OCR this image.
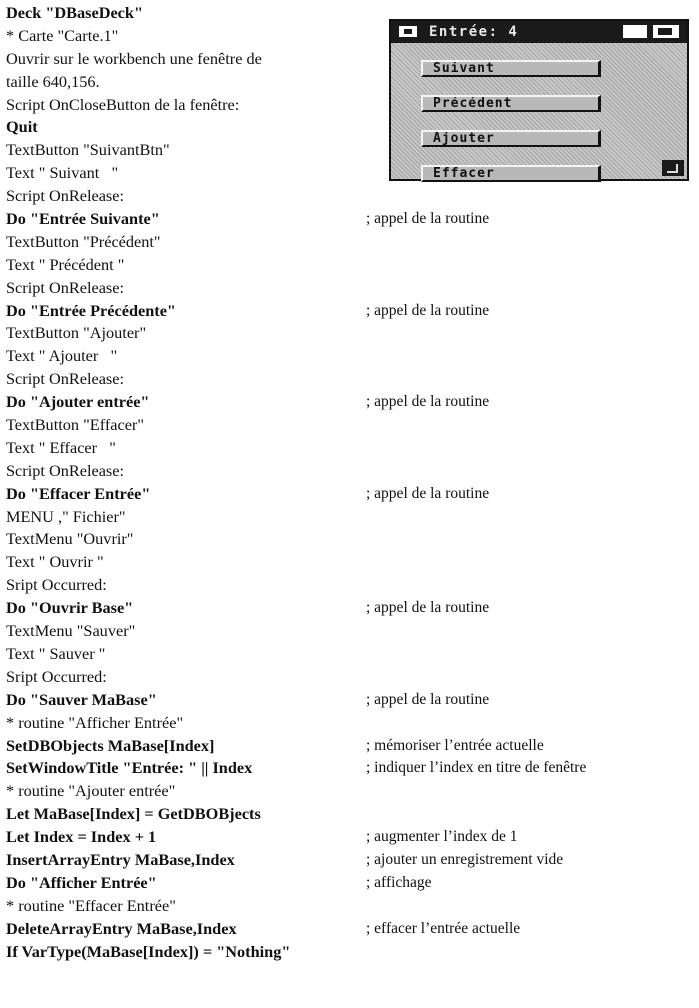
Deck "DBaseDeck"
* Carte "Carte.1"
Ouvrir sur le workbench une fenêtre de
taille 640,156.
Script OnCloseButton de la fenêtre:
Quit
TextButton "SuivantBtn"
Text " Suivant   "
Script OnRelease:
Do "Entrée Suivante"	; appel de la routine
TextButton "Précédent"
Text " Précédent "
Script OnRelease:
Do "Entrée Précédente"	; appel de la routine
TextButton "Ajouter"
Text " Ajouter   "
Script OnRelease:
Do "Ajouter entrée"	; appel de la routine
TextButton "Effacer"
Text " Effacer   "
Script OnRelease:
Do "Effacer Entrée"	; appel de la routine
MENU ," Fichier"
TextMenu "Ouvrir"
Text " Ouvrir "
Sript Occurred:
Do "Ouvrir Base"	; appel de la routine
TextMenu "Sauver"
Text " Sauver "
Sript Occurred:
Do "Sauver MaBase"	; appel de la routine
* routine "Afficher Entrée"
SetDBObjects MaBase[Index]	; mémoriser l’entrée actuelle
SetWindowTitle "Entrée: " || Index	; indiquer l’index en titre de fenêtre
* routine "Ajouter entrée"
Let MaBase[Index] = GetDBOBjects
Let Index = Index + 1	; augmenter l’index de 1
InsertArrayEntry MaBase,Index	; ajouter un enregistrement vide
Do "Afficher Entrée"	; affichage
* routine "Effacer Entrée"
DeleteArrayEntry MaBase,Index	; effacer l’entrée actuelle
If VarType(MaBase[Index]) = "Nothing"
Entrée: 4
Suivant
Précédent
Ajouter
Effacer
